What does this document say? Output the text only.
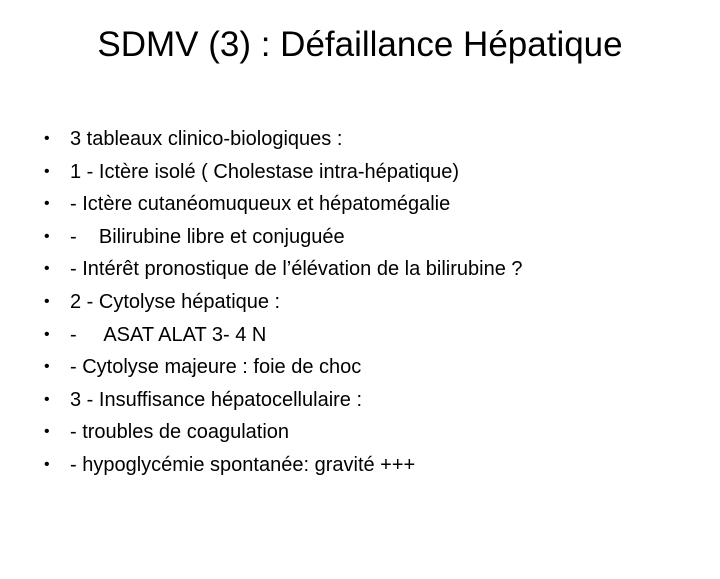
SDMV (3) : Défaillance Hépatique

•

	3 tableaux clinico-biologiques :

•

	1 - Ictère isolé ( Cholestase intra-hépatique)

•

	- Ictère cutanéomuqueux et hépatomégalie

•

	-    Bilirubine libre et conjuguée

•

	- Intérêt pronostique de l’élévation de la bilirubine ?

•

	2 - Cytolyse hépatique :

•

	-     ASAT ALAT 3- 4 N

•

	- Cytolyse majeure : foie de choc

•

	3 - Insuffisance hépatocellulaire :

•

	- troubles de coagulation

•

	- hypoglycémie spontanée: gravité +++
